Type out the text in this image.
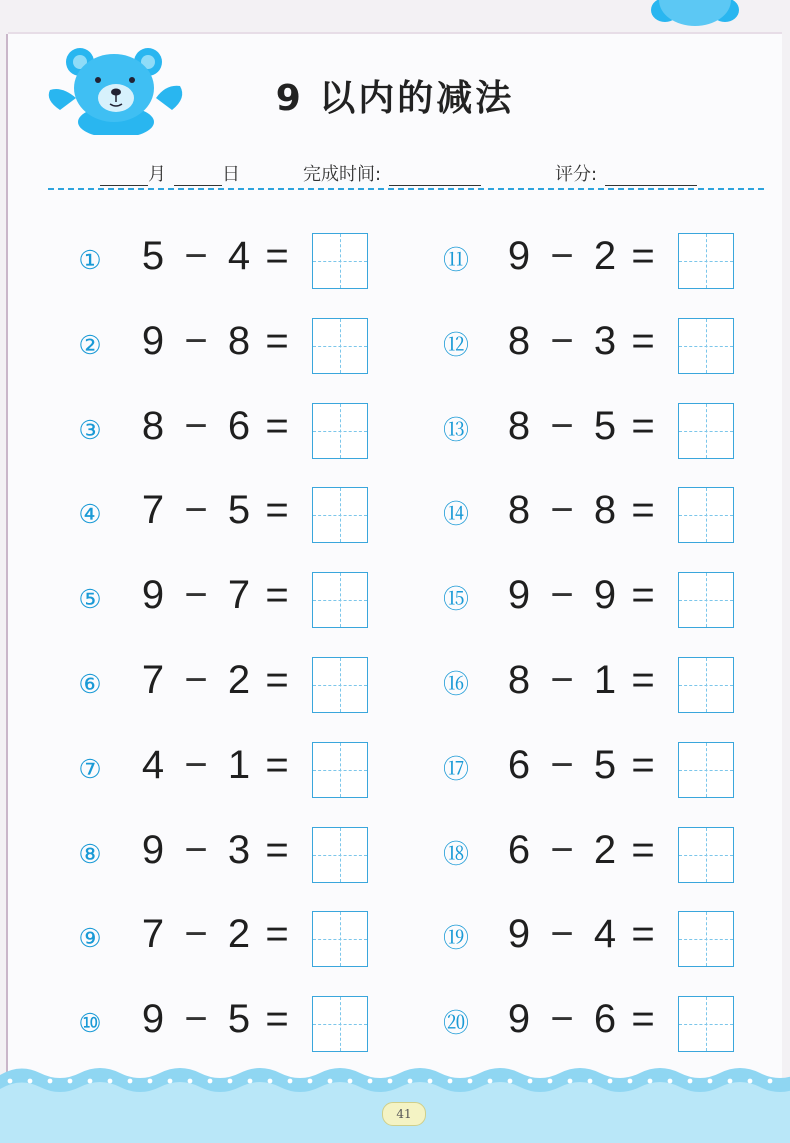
9 以内的减法
月	日	完成时间:	评分:
① 5 − 4 =
② 9 − 8 =
③ 8 − 6 =
④ 7 − 5 =
⑤ 9 − 7 =
⑥ 7 − 2 =
⑦ 4 − 1 =
⑧ 9 − 3 =
⑨ 7 − 2 =
⑩ 9 − 5 =
⑪ 9 − 2 =
⑫ 8 − 3 =
⑬ 8 − 5 =
⑭ 8 − 8 =
⑮ 9 − 9 =
⑯ 8 − 1 =
⑰ 6 − 5 =
⑱ 6 − 2 =
⑲ 9 − 4 =
⑳ 9 − 6 =
41
